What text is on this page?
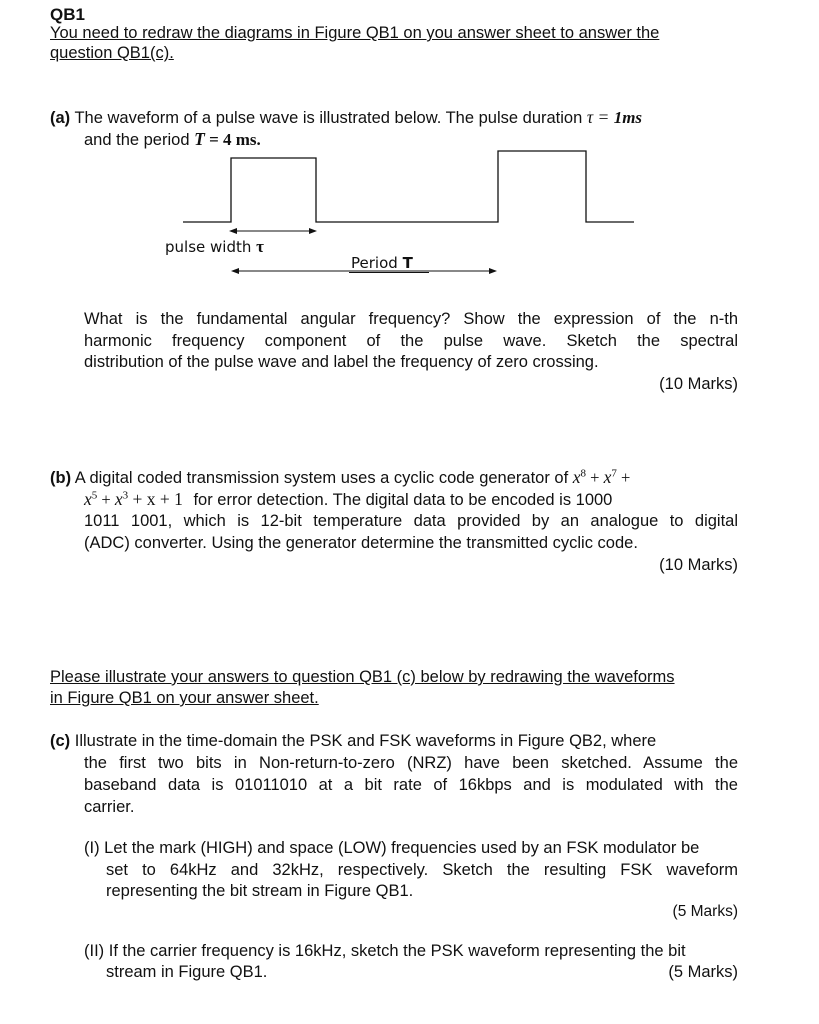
QB1
You need to redraw the diagrams in Figure QB1 on you answer sheet to answer the
question QB1(c).
(a) The waveform of a pulse wave is illustrated below. The pulse duration τ = 1ms
and the period T = 4 ms.
pulse width τ
Period T
What is the fundamental angular frequency? Show the expression of the n-th
harmonic frequency component of the pulse wave. Sketch the spectral
distribution of the pulse wave and label the frequency of zero crossing.
(10 Marks)
(b) A digital coded transmission system uses a cyclic code generator of $x^8 + x^7$ +
$x^5 + x^3 + x + 1$ for error detection. The digital data to be encoded is 1000
1011 1001, which is 12-bit temperature data provided by an analogue to digital
(ADC) converter. Using the generator determine the transmitted cyclic code.
(10 Marks)
Please illustrate your answers to question QB1 (c) below by redrawing the waveforms
in Figure QB1 on your answer sheet.
(c) Illustrate in the time-domain the PSK and FSK waveforms in Figure QB2, where
the first two bits in Non-return-to-zero (NRZ) have been sketched. Assume the
baseband data is 01011010 at a bit rate of 16kbps and is modulated with the
carrier.
(I) Let the mark (HIGH) and space (LOW) frequencies used by an FSK modulator be
set to 64kHz and 32kHz, respectively. Sketch the resulting FSK waveform
representing the bit stream in Figure QB1.
(5 Marks)
(II) If the carrier frequency is 16kHz, sketch the PSK waveform representing the bit
stream in Figure QB1.	(5 Marks)
